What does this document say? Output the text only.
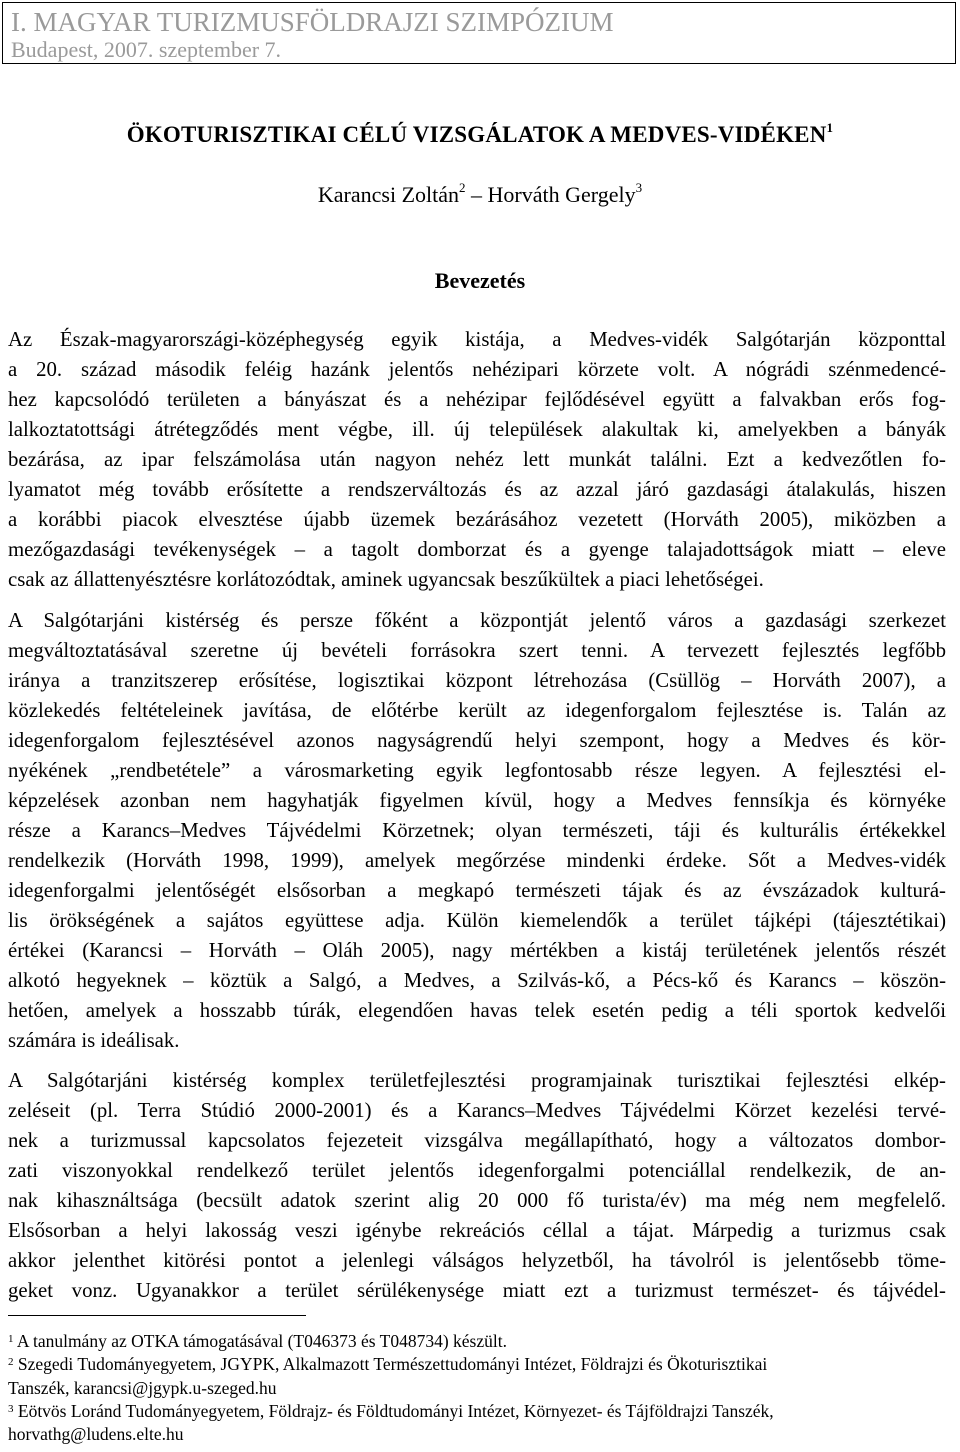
I. MAGYAR TURIZMUSFÖLDRAJZI SZIMPÓZIUM
Budapest, 2007. szeptember 7.
ÖKOTURISZTIKAI CÉLÚ VIZSGÁLATOK A MEDVES-VIDÉKEN$^1$
Karancsi Zoltán$^2$ – Horváth Gergely$^3$
Bevezetés
Az Észak-magyarországi-középhegység egyik kistája, a Medves-vidék Salgótarján központtal
a 20. század második feléig hazánk jelentős nehézipari körzete volt. A nógrádi szénmedencé-
hez kapcsolódó területen a bányászat és a nehézipar fejlődésével együtt a falvakban erős fog-
lalkoztatottsági átrétegződés ment végbe, ill. új települések alakultak ki, amelyekben a bányák
bezárása, az ipar felszámolása után nagyon nehéz lett munkát találni. Ezt a kedvezőtlen fo-
lyamatot még tovább erősítette a rendszerváltozás és az azzal járó gazdasági átalakulás, hiszen
a korábbi piacok elvesztése újabb üzemek bezárásához vezetett (Horváth 2005), miközben a
mezőgazdasági tevékenységek – a tagolt domborzat és a gyenge talajadottságok miatt – eleve
csak az állattenyésztésre korlátozódtak, aminek ugyancsak beszűkültek a piaci lehetőségei.
A Salgótarjáni kistérség és persze főként a központját jelentő város a gazdasági szerkezet
megváltoztatásával szeretne új bevételi forrásokra szert tenni. A tervezett fejlesztés legfőbb
iránya a tranzitszerep erősítése, logisztikai központ létrehozása (Csüllög – Horváth 2007), a
közlekedés feltételeinek javítása, de előtérbe került az idegenforgalom fejlesztése is. Talán az
idegenforgalom fejlesztésével azonos nagyságrendű helyi szempont, hogy a Medves és kör-
nyékének „rendbetétele” a városmarketing egyik legfontosabb része legyen. A fejlesztési el-
képzelések azonban nem hagyhatják figyelmen kívül, hogy a Medves fennsíkja és környéke
része a Karancs–Medves Tájvédelmi Körzetnek; olyan természeti, táji és kulturális értékekkel
rendelkezik (Horváth 1998, 1999), amelyek megőrzése mindenki érdeke. Sőt a Medves-vidék
idegenforgalmi jelentőségét elsősorban a megkapó természeti tájak és az évszázadok kulturá-
lis örökségének a sajátos együttese adja. Külön kiemelendők a terület tájképi (tájesztétikai)
értékei (Karancsi – Horváth – Oláh 2005), nagy mértékben a kistáj területének jelentős részét
alkotó hegyeknek – köztük a Salgó, a Medves, a Szilvás-kő, a Pécs-kő és Karancs – köszön-
hetően, amelyek a hosszabb túrák, elegendően havas telek esetén pedig a téli sportok kedvelői
számára is ideálisak.
A Salgótarjáni kistérség komplex területfejlesztési programjainak turisztikai fejlesztési elkép-
zeléseit (pl. Terra Stúdió 2000-2001) és a Karancs–Medves Tájvédelmi Körzet kezelési tervé-
nek a turizmussal kapcsolatos fejezeteit vizsgálva megállapítható, hogy a változatos dombor-
zati viszonyokkal rendelkező terület jelentős idegenforgalmi potenciállal rendelkezik, de an-
nak kihasználtsága (becsült adatok szerint alig 20 000 fő turista/év) ma még nem megfelelő.
Elsősorban a helyi lakosság veszi igénybe rekreációs céllal a tájat. Márpedig a turizmus csak
akkor jelenthet kitörési pontot a jelenlegi válságos helyzetből, ha távolról is jelentősebb töme-
geket vonz. Ugyanakkor a terület sérülékenysége miatt ezt a turizmust természet- és tájvédel-
$^1$ A tanulmány az OTKA támogatásával (T046373 és T048734) készült.
$^2$ Szegedi Tudományegyetem, JGYPK, Alkalmazott Természettudományi Intézet, Földrajzi és Ökoturisztikai
Tanszék, karancsi@jgypk.u-szeged.hu
$^3$ Eötvös Loránd Tudományegyetem, Földrajz- és Földtudományi Intézet, Környezet- és Tájföldrajzi Tanszék,
horvathg@ludens.elte.hu
